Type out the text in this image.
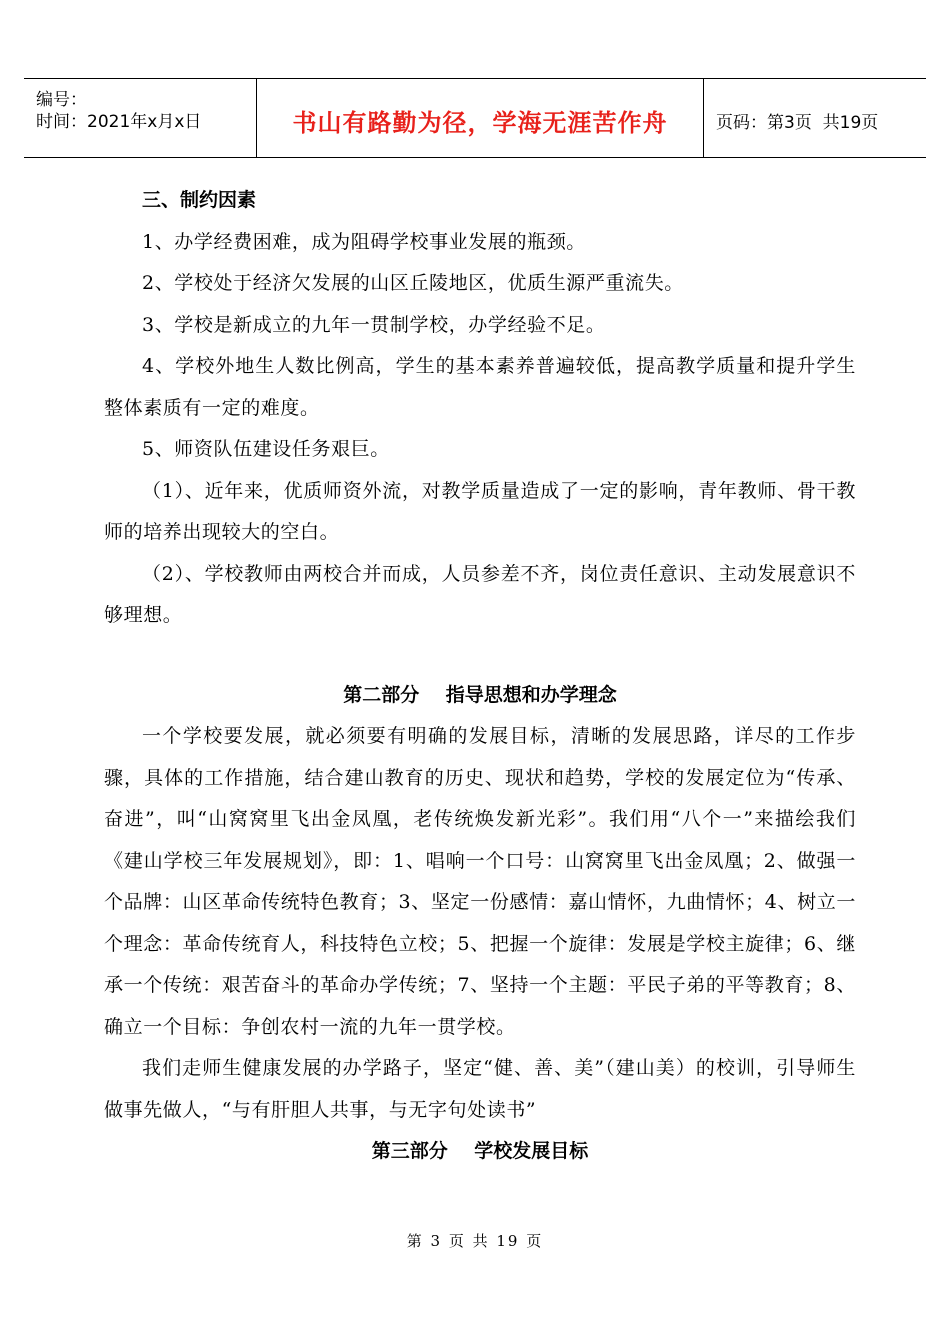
编号：
时间：2021年x月x日	书山有路勤为径，学海无涯苦作舟	页码：第3页  共19页

三、制约因素

1、办学经费困难，成为阻碍学校事业发展的瓶颈。

2、学校处于经济欠发展的山区丘陵地区，优质生源严重流失。

3、学校是新成立的九年一贯制学校，办学经验不足。

4、学校外地生人数比例高，学生的基本素养普遍较低，提高教学质量和提升学生整体素质有一定的难度。

5、师资队伍建设任务艰巨。

（1）、近年来，优质师资外流，对教学质量造成了一定的影响，青年教师、骨干教师的培养出现较大的空白。

（2）、学校教师由两校合并而成，人员参差不齐，岗位责任意识、主动发展意识不够理想。

第二部分    指导思想和办学理念

一个学校要发展，就必须要有明确的发展目标，清晰的发展思路，详尽的工作步骤，具体的工作措施，结合建山教育的历史、现状和趋势，学校的发展定位为“传承、奋进”，叫“山窝窝里飞出金凤凰，老传统焕发新光彩”。我们用“八个一”来描绘我们《建山学校三年发展规划》，即：1、唱响一个口号：山窝窝里飞出金凤凰；2、做强一个品牌：山区革命传统特色教育；3、坚定一份感情：嘉山情怀，九曲情怀；4、树立一个理念：革命传统育人，科技特色立校；5、把握一个旋律：发展是学校主旋律；6、继承一个传统：艰苦奋斗的革命办学传统；7、坚持一个主题：平民子弟的平等教育；8、确立一个目标：争创农村一流的九年一贯学校。

我们走师生健康发展的办学路子，坚定“健、善、美”（建山美）的校训，引导师生做事先做人，“与有肝胆人共事，与无字句处读书”

第三部分    学校发展目标

第 3 页 共 19 页
